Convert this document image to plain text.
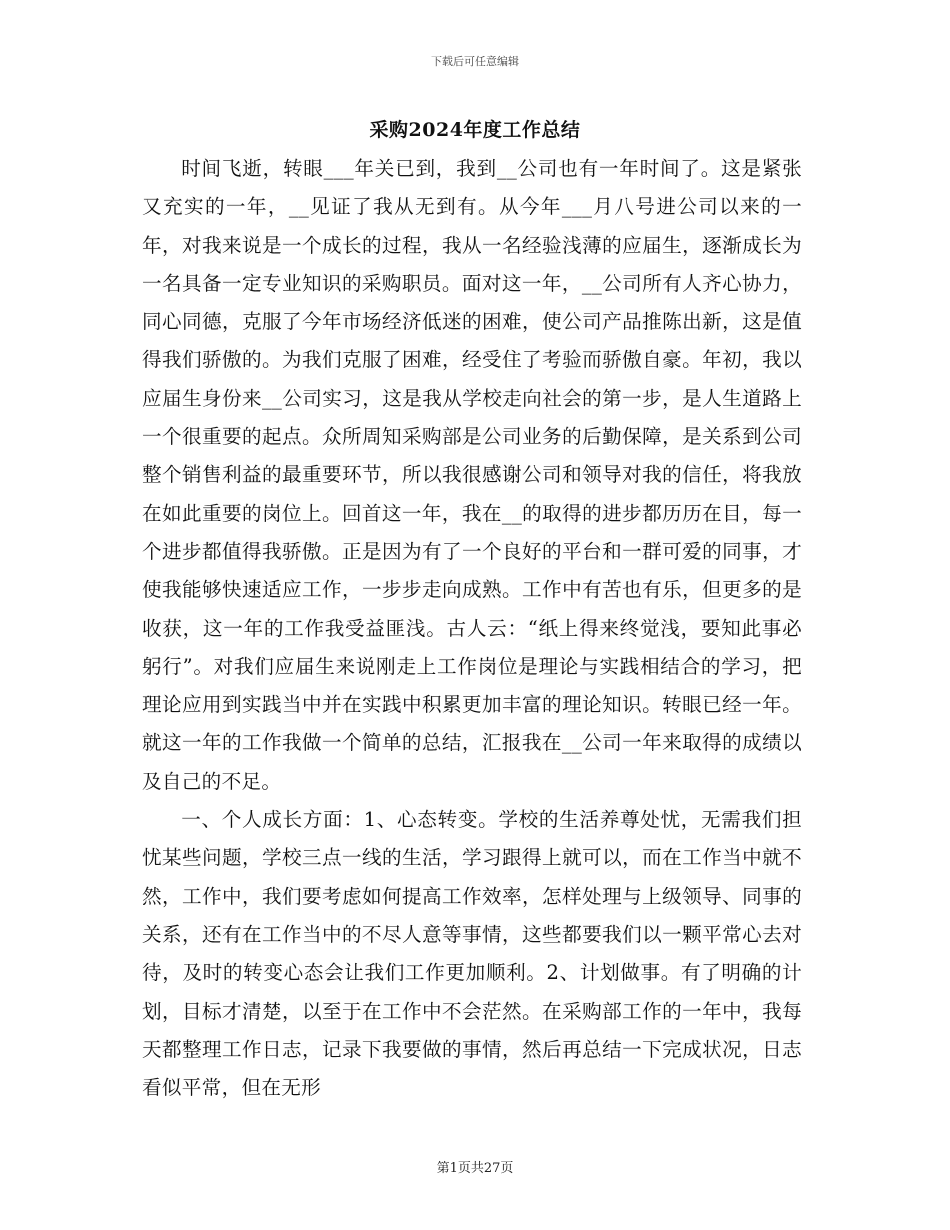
下载后可任意编辑
采购2024年度工作总结

时间飞逝，转眼___年关已到，我到__公司也有一年时间了。这是紧张又充实的一年，__见证了我从无到有。从今年___月八号进公司以来的一年，对我来说是一个成长的过程，我从一名经验浅薄的应届生，逐渐成长为一名具备一定专业知识的采购职员。面对这一年，__公司所有人齐心协力，同心同德，克服了今年市场经济低迷的困难，使公司产品推陈出新，这是值得我们骄傲的。为我们克服了困难，经受住了考验而骄傲自豪。年初，我以应届生身份来__公司实习，这是我从学校走向社会的第一步，是人生道路上一个很重要的起点。众所周知采购部是公司业务的后勤保障，是关系到公司整个销售利益的最重要环节，所以我很感谢公司和领导对我的信任，将我放在如此重要的岗位上。回首这一年，我在__的取得的进步都历历在目，每一个进步都值得我骄傲。正是因为有了一个良好的平台和一群可爱的同事，才使我能够快速适应工作，一步步走向成熟。工作中有苦也有乐，但更多的是收获，这一年的工作我受益匪浅。古人云：“纸上得来终觉浅，要知此事必躬行”。对我们应届生来说刚走上工作岗位是理论与实践相结合的学习，把理论应用到实践当中并在实践中积累更加丰富的理论知识。转眼已经一年。就这一年的工作我做一个简单的总结，汇报我在__公司一年来取得的成绩以及自己的不足。

一、个人成长方面：1、心态转变。学校的生活养尊处忧，无需我们担忧某些问题，学校三点一线的生活，学习跟得上就可以，而在工作当中就不然，工作中，我们要考虑如何提高工作效率，怎样处理与上级领导、同事的关系，还有在工作当中的不尽人意等事情，这些都要我们以一颗平常心去对待，及时的转变心态会让我们工作更加顺利。2、计划做事。有了明确的计划，目标才清楚，以至于在工作中不会茫然。在采购部工作的一年中，我每天都整理工作日志，记录下我要做的事情，然后再总结一下完成状况，日志看似平常，但在无形

第1页共27页
